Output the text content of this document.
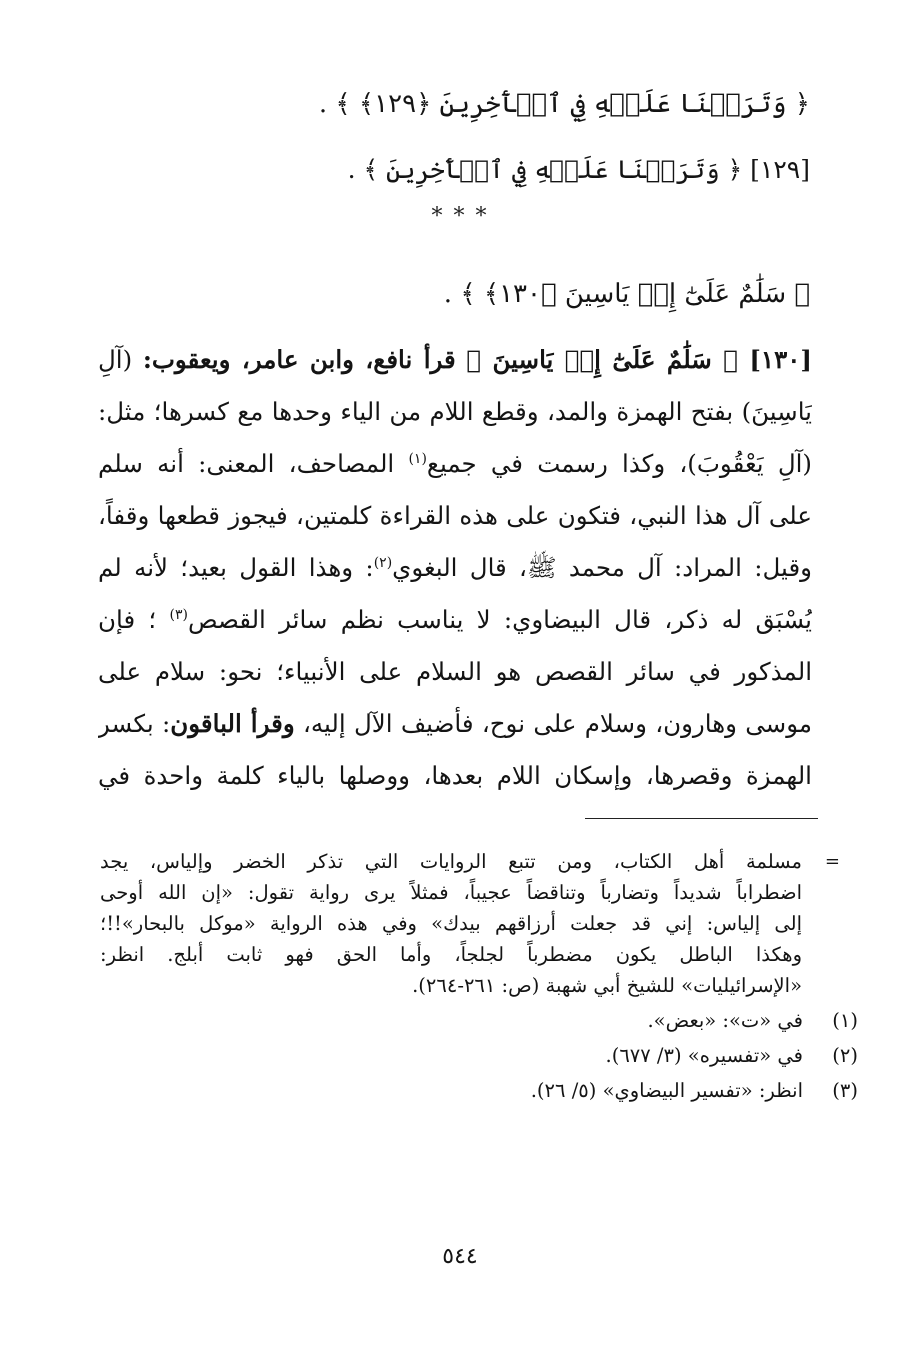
﴿ وَتَرَكۡنَا عَلَيۡهِ فِي ٱلۡأٓخِرِينَ ﴿١٢٩﴾ ﴾ .
[١٢٩] ﴿ وَتَرَكۡنَا عَلَيۡهِ فِي ٱلۡأٓخِرِينَ ﴾ .
* * *
﴿ سَلَٰمٌ عَلَىٰٓ إِلۡ يَاسِينَ ﴿١٣٠﴾ ﴾ .
[١٣٠] ﴿ سَلَٰمٌ عَلَىٰٓ إِلۡ يَاسِينَ ﴾ قرأ نافع، وابن عامر، ويعقوب: (آلِ
يَاسِينَ) بفتح الهمزة والمد، وقطع اللام من الياء وحدها مع كسرها؛ مثل:
(آلِ يَعْقُوبَ)، وكذا رسمت في جميع$^{(١)}$ المصاحف، المعنى: أنه سلم
على آل هذا النبي، فتكون على هذه القراءة كلمتين، فيجوز قطعها وقفاً،
وقيل: المراد: آل محمد ﷺ، قال البغوي$^{(٢)}$: وهذا القول بعيد؛ لأنه لم
يُسْبَق له ذكر، قال البيضاوي: لا يناسب نظم سائر القصص$^{(٣)}$ ؛ فإن
المذكور في سائر القصص هو السلام على الأنبياء؛ نحو: سلام على
موسى وهارون، وسلام على نوح، فأضيف الآل إليه، وقرأ الباقون: بكسر
الهمزة وقصرها، وإسكان اللام بعدها، ووصلها بالياء كلمة واحدة في
=
مسلمة أهل الكتاب، ومن تتبع الروايات التي تذكر الخضر وإلياس، يجد
اضطراباً شديداً وتضارباً وتناقضاً عجيباً، فمثلاً يرى رواية تقول: «إن الله أوحى
إلى إلياس: إني قد جعلت أرزاقهم بيدك» وفي هذه الرواية «موكل بالبحار»!!؛
وهكذا الباطل يكون مضطرباً لجلجاً، وأما الحق فهو ثابت أبلج. انظر:
«الإسرائيليات» للشيخ أبي شهبة (ص: ٢٦١-٢٦٤).
(١)
في «ت»: «بعض».
(٢)
في «تفسيره» (٣/ ٦٧٧).
(٣)
انظر: «تفسير البيضاوي» (٥/ ٢٦).
٥٤٤
